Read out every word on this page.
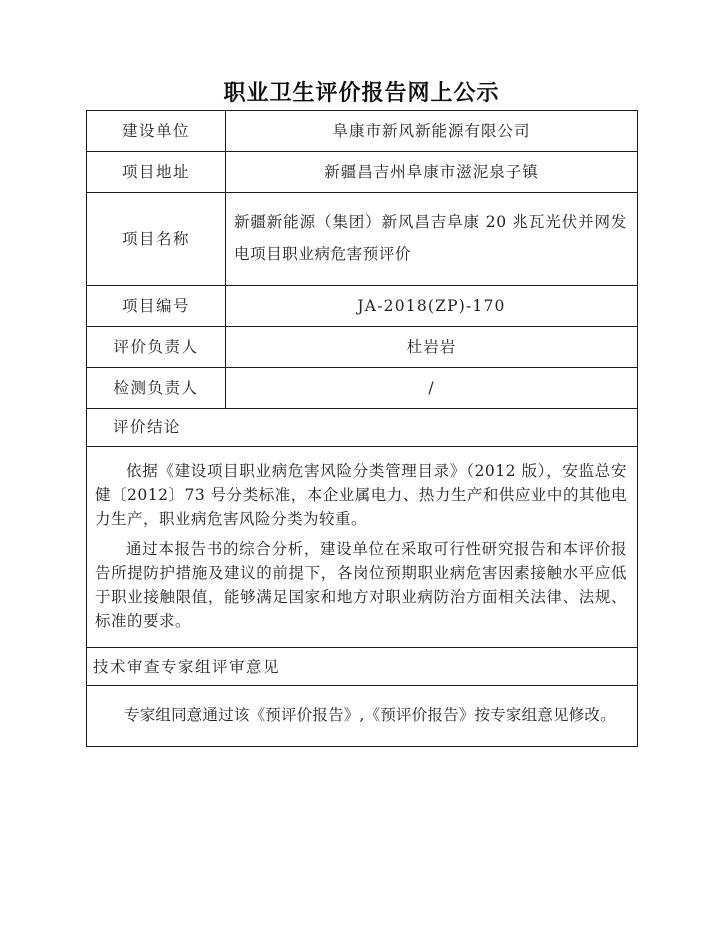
职业卫生评价报告网上公示
建设单位	阜康市新风新能源有限公司
项目地址	新疆昌吉州阜康市滋泥泉子镇
项目名称	新疆新能源（集团）新风昌吉阜康 20 兆瓦光伏并网发电项目职业病危害预评价
项目编号	JA-2018(ZP)-170
评价负责人	杜岩岩
检测负责人	/
评价结论	

依据《建设项目职业病危害风险分类管理目录》（2012 版），安监总安健〔2012〕73 号分类标准，本企业属电力、热力生产和供应业中的其他电力生产，职业病危害风险分类为较重。

通过本报告书的综合分析，建设单位在采取可行性研究报告和本评价报告所提防护措施及建议的前提下，各岗位预期职业病危害因素接触水平应低于职业接触限值，能够满足国家和地方对职业病防治方面相关法律、法规、标准的要求。	

技术审查专家组评审意见	

专家组同意通过该《预评价报告》,《预评价报告》按专家组意见修改。	
